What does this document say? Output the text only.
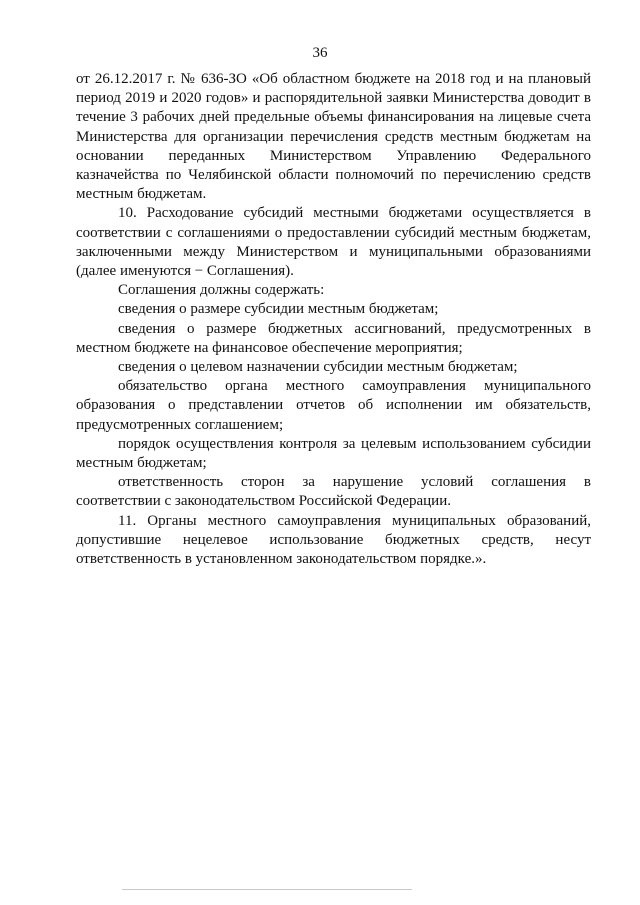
36

от 26.12.2017 г. № 636-ЗО «Об областном бюджете на 2018 год и на плановый период 2019 и 2020 годов» и распорядительной заявки Министерства доводит в течение 3 рабочих дней предельные объемы финансирования на лицевые счета Министерства для организации перечисления средств местным бюджетам на основании переданных Министерством Управлению Федерального казначейства по Челябинской области полномочий по перечислению средств местным бюджетам.

10. Расходование субсидий местными бюджетами осуществляется в соответствии с соглашениями о предоставлении субсидий местным бюджетам, заключенными между Министерством и муниципальными образованиями (далее именуются − Соглашения).

Соглашения должны содержать:

сведения о размере субсидии местным бюджетам;

сведения о размере бюджетных ассигнований, предусмотренных в местном бюджете на финансовое обеспечение мероприятия;

сведения о целевом назначении субсидии местным бюджетам;

обязательство органа местного самоуправления муниципального образования о представлении отчетов об исполнении им обязательств, предусмотренных соглашением;

порядок осуществления контроля за целевым использованием субсидии местным бюджетам;

ответственность сторон за нарушение условий соглашения в соответствии с законодательством Российской Федерации.

11. Органы местного самоуправления муниципальных образований, допустившие нецелевое использование бюджетных средств, несут ответственность в установленном законодательством порядке.».
